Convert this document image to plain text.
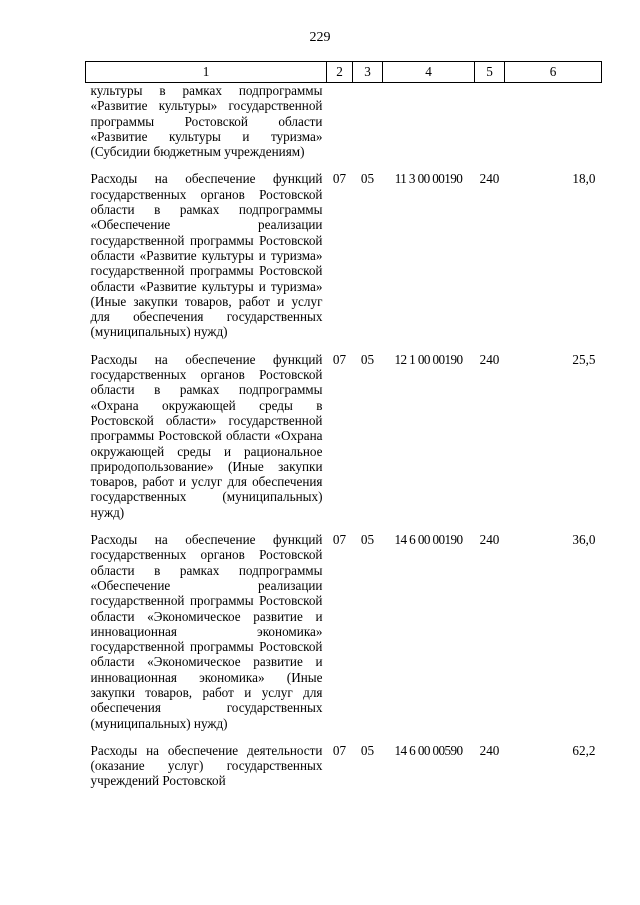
229
1	2	3	4	5	6
культуры в рамках подпрограммы «Развитие культуры» государственной программы Ростовской области «Развитие культуры и туризма» (Субсидии бюджетным учреждениям)					
Расходы на обеспечение функций государственных органов Ростовской области в рамках подпрограммы «Обеспечение реализации государственной программы Ростовской области «Развитие культуры и туризма» государственной программы Ростовской области «Развитие культуры и туризма» (Иные закупки товаров, работ и услуг для обеспечения государственных (муниципальных) нужд)	07	05	11 3 00 00190	240	18,0
Расходы на обеспечение функций государственных органов Ростовской области в рамках подпрограммы «Охрана окружающей среды в Ростовской области» государственной программы Ростовской области «Охрана окружающей среды и рациональное природопользование» (Иные закупки товаров, работ и услуг для обеспечения государственных (муниципальных) нужд)	07	05	12 1 00 00190	240	25,5
Расходы на обеспечение функций государственных органов Ростовской области в рамках подпрограммы «Обеспечение реализации государственной программы Ростовской области «Экономическое развитие и инновационная экономика» государственной программы Ростовской области «Экономическое развитие и инновационная экономика» (Иные закупки товаров, работ и услуг для обеспечения государственных (муниципальных) нужд)	07	05	14 6 00 00190	240	36,0
Расходы на обеспечение деятельности (оказание услуг) государственных учреждений Ростовской	07	05	14 6 00 00590	240	62,2
